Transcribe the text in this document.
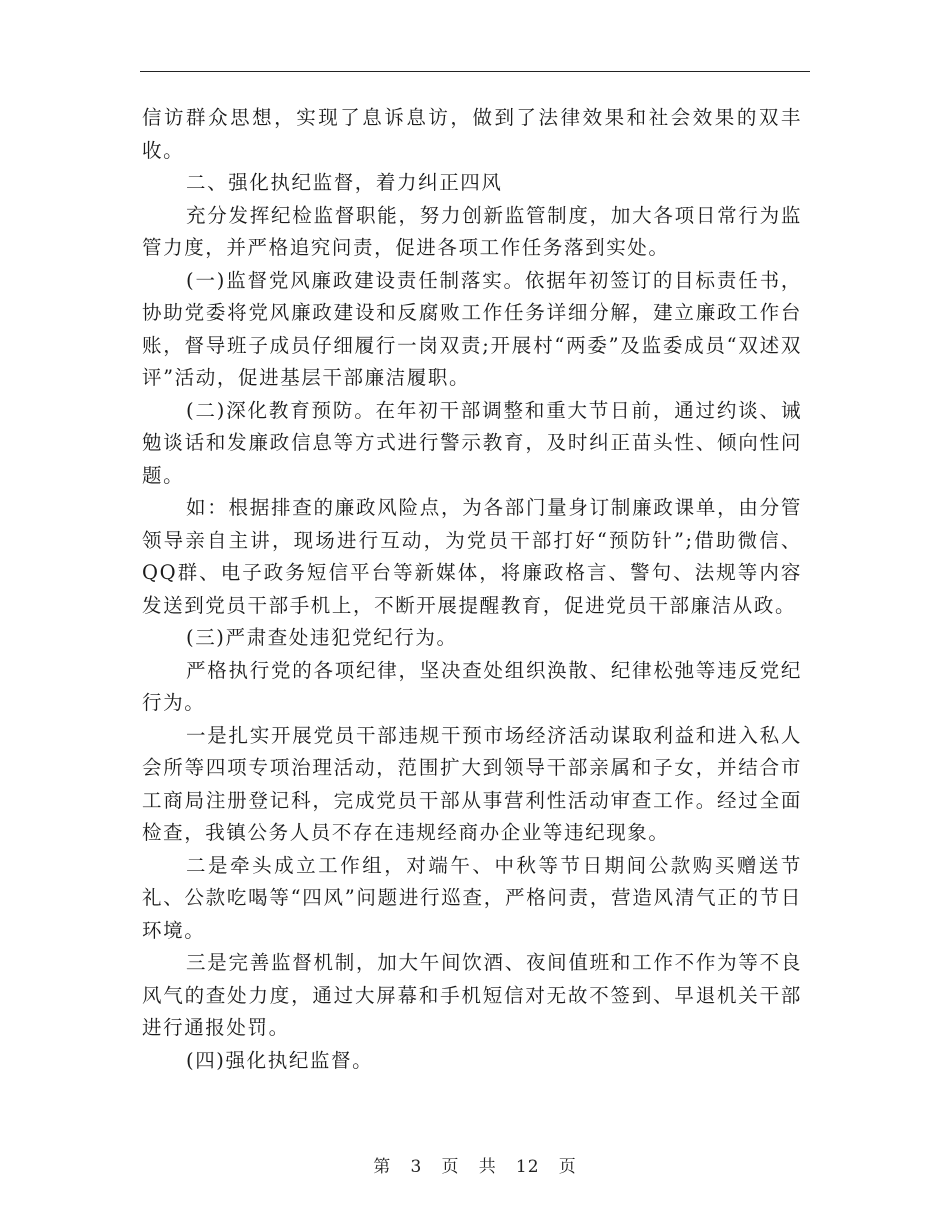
信访群众思想，实现了息诉息访，做到了法律效果和社会效果的双丰收。

二、强化执纪监督，着力纠正四风

充分发挥纪检监督职能，努力创新监管制度，加大各项日常行为监管力度，并严格追究问责，促进各项工作任务落到实处。

(一)监督党风廉政建设责任制落实。依据年初签订的目标责任书，协助党委将党风廉政建设和反腐败工作任务详细分解，建立廉政工作台账，督导班子成员仔细履行一岗双责;开展村“两委”及监委成员“双述双评”活动，促进基层干部廉洁履职。

(二)深化教育预防。在年初干部调整和重大节日前，通过约谈、诫勉谈话和发廉政信息等方式进行警示教育，及时纠正苗头性、倾向性问题。

如：根据排查的廉政风险点，为各部门量身订制廉政课单，由分管领导亲自主讲，现场进行互动，为党员干部打好“预防针”;借助微信、QQ群、电子政务短信平台等新媒体，将廉政格言、警句、法规等内容发送到党员干部手机上，不断开展提醒教育，促进党员干部廉洁从政。

(三)严肃查处违犯党纪行为。

严格执行党的各项纪律，坚决查处组织涣散、纪律松弛等违反党纪行为。

一是扎实开展党员干部违规干预市场经济活动谋取利益和进入私人会所等四项专项治理活动，范围扩大到领导干部亲属和子女，并结合市工商局注册登记科，完成党员干部从事营利性活动审查工作。经过全面检查，我镇公务人员不存在违规经商办企业等违纪现象。

二是牵头成立工作组，对端午、中秋等节日期间公款购买赠送节礼、公款吃喝等“四风”问题进行巡查，严格问责，营造风清气正的节日环境。

三是完善监督机制，加大午间饮酒、夜间值班和工作不作为等不良风气的查处力度，通过大屏幕和手机短信对无故不签到、早退机关干部进行通报处罚。

(四)强化执纪监督。

第 3 页 共 12 页
